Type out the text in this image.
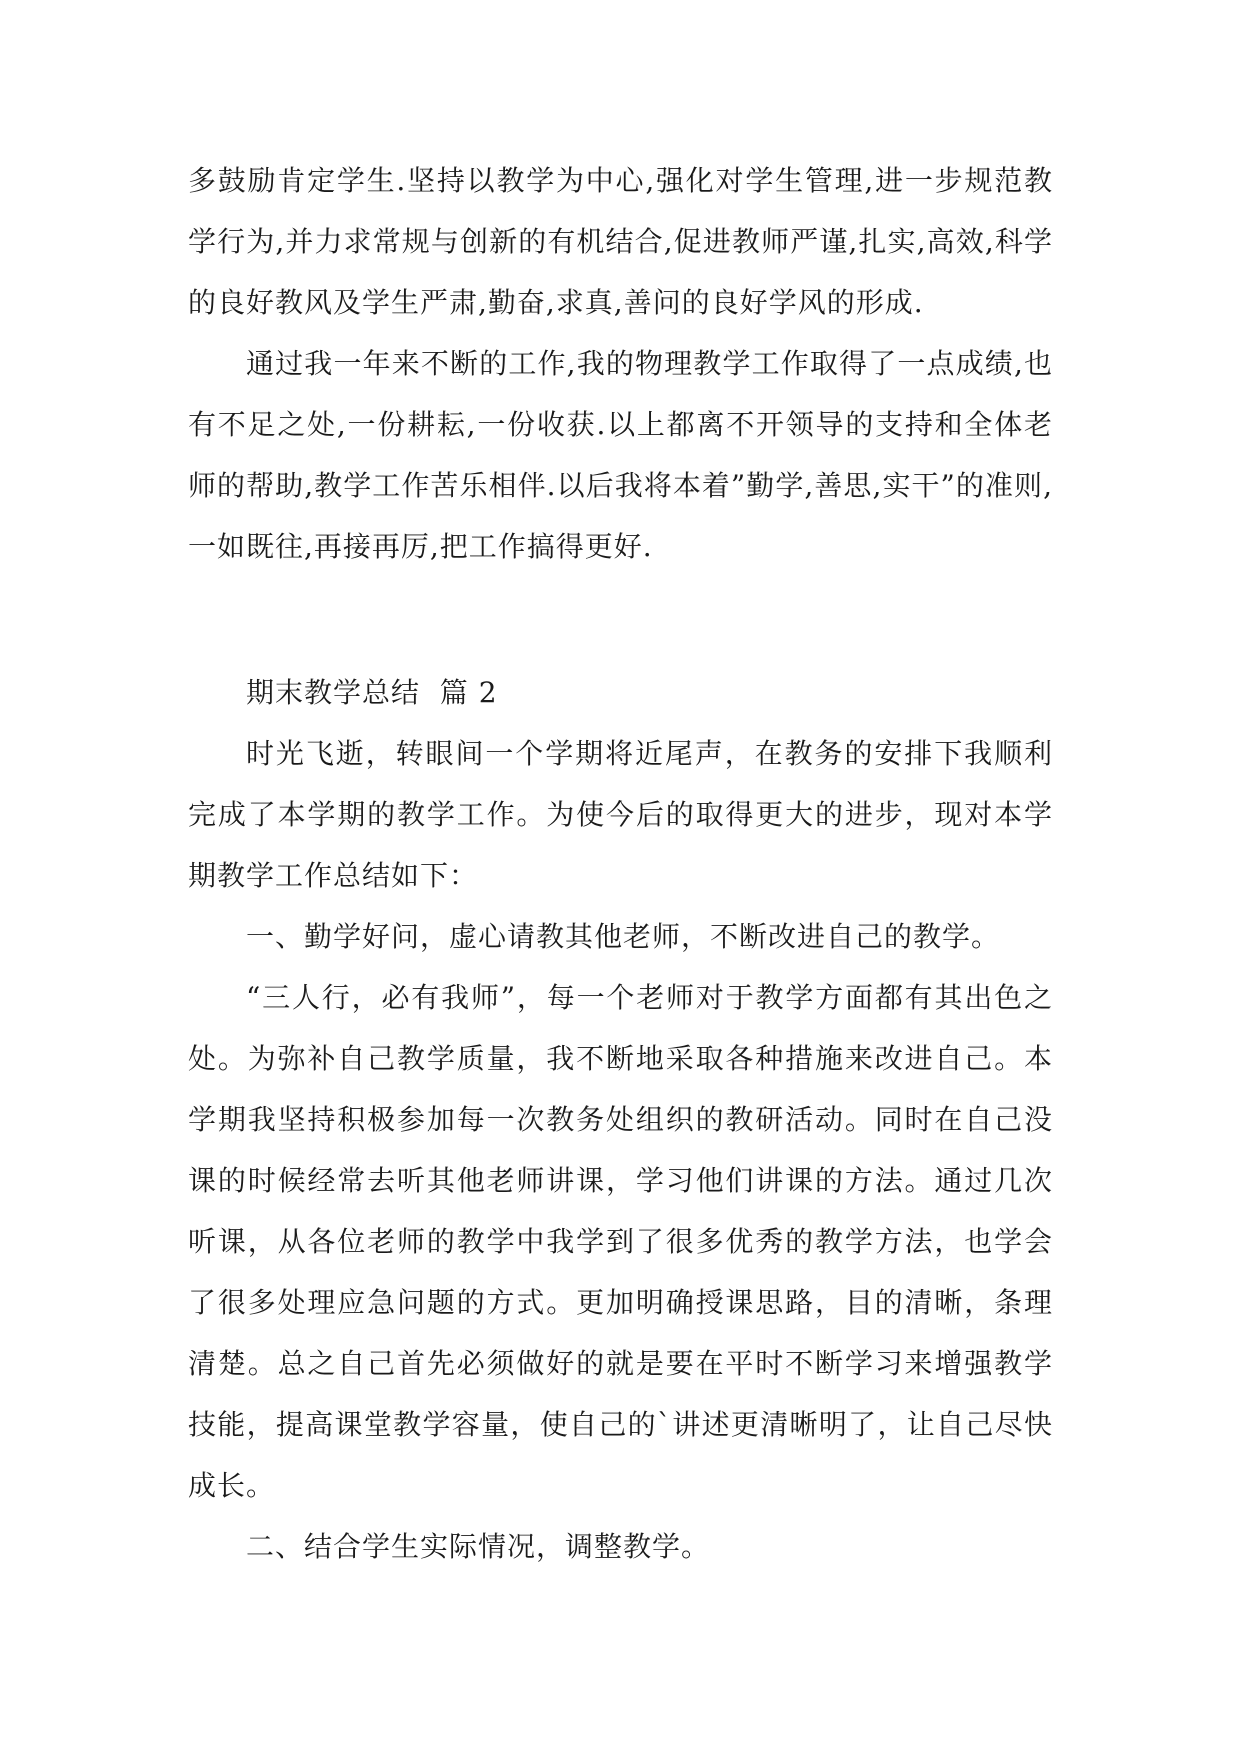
多鼓励肯定学生.坚持以教学为中心,强化对学生管理,进一步规范教学行为,并力求常规与创新的有机结合,促进教师严谨,扎实,高效,科学的良好教风及学生严肃,勤奋,求真,善问的良好学风的形成.

通过我一年来不断的工作,我的物理教学工作取得了一点成绩,也有不足之处,一份耕耘,一份收获.以上都离不开领导的支持和全体老师的帮助,教学工作苦乐相伴.以后我将本着”勤学,善思,实干”的准则,一如既往,再接再厉,把工作搞得更好.

期末教学总结  篇 2

时光飞逝，转眼间一个学期将近尾声，在教务的安排下我顺利完成了本学期的教学工作。为使今后的取得更大的进步，现对本学期教学工作总结如下：

一、勤学好问，虚心请教其他老师，不断改进自己的教学。

“三人行，必有我师”，每一个老师对于教学方面都有其出色之处。为弥补自己教学质量，我不断地采取各种措施来改进自己。本学期我坚持积极参加每一次教务处组织的教研活动。同时在自己没课的时候经常去听其他老师讲课，学习他们讲课的方法。通过几次听课，从各位老师的教学中我学到了很多优秀的教学方法，也学会了很多处理应急问题的方式。更加明确授课思路，目的清晰，条理清楚。总之自己首先必须做好的就是要在平时不断学习来增强教学技能，提高课堂教学容量，使自己的`讲述更清晰明了，让自己尽快成长。

二、结合学生实际情况，调整教学。
